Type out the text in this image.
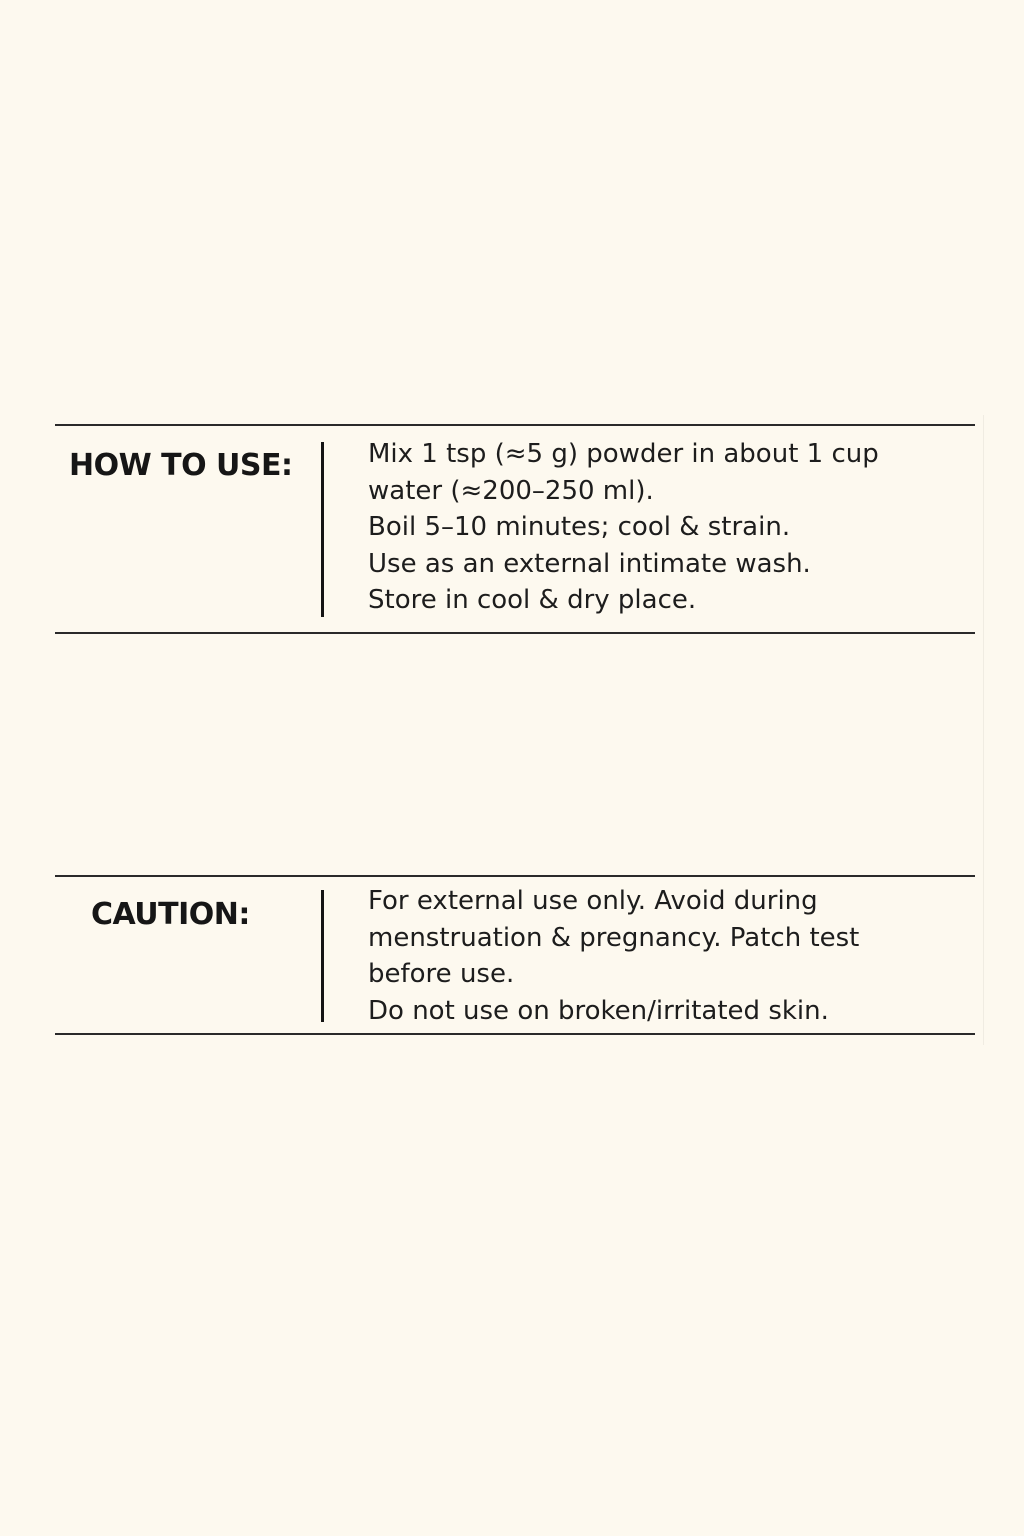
HOW TO USE:	Mix 1 tsp (≈5 g) powder in about 1 cup
water (≈200–250 ml).
Boil 5–10 minutes; cool & strain.
Use as an external intimate wash.
Store in cool & dry place.
CAUTION:	For external use only. Avoid during
menstruation & pregnancy. Patch test
before use.
Do not use on broken/irritated skin.
